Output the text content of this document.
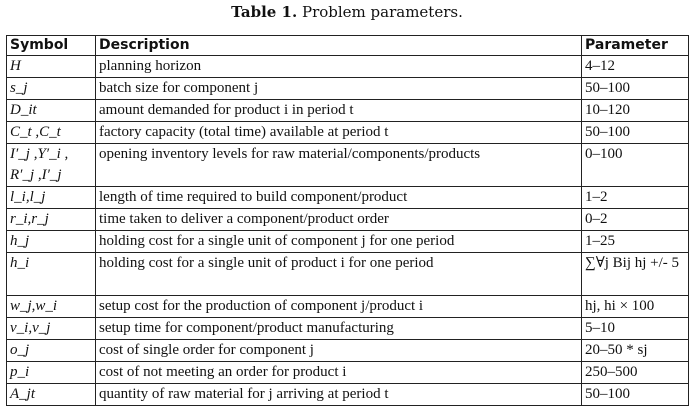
Table 1. Problem parameters.
Symbol	Description	Parameter
H	planning horizon	4–12
s_j	batch size for component j	50–100
D_it	amount demanded for product i in period t	10–120
C_t ,C_t	factory capacity (total time) available at period t	50–100
I′_j ,Y′_i , R′_j ,I′_j	opening inventory levels for raw material/components/products	0–100
l_i,l_j	length of time required to build component/product	1–2
r_i,r_j	time taken to deliver a component/product order	0–2
h_j	holding cost for a single unit of component j for one period	1–25
h_i	holding cost for a single unit of product i for one period	∑∀j Bij hj +/- 5
w_j,w_i	setup cost for the production of component j/product i	hj, hi × 100
v_i,v_j	setup time for component/product manufacturing	5–10
o_j	cost of single order for component j	20–50 * sj
p_i	cost of not meeting an order for product i	250–500
A_jt	quantity of raw material for j arriving at period t	50–100
